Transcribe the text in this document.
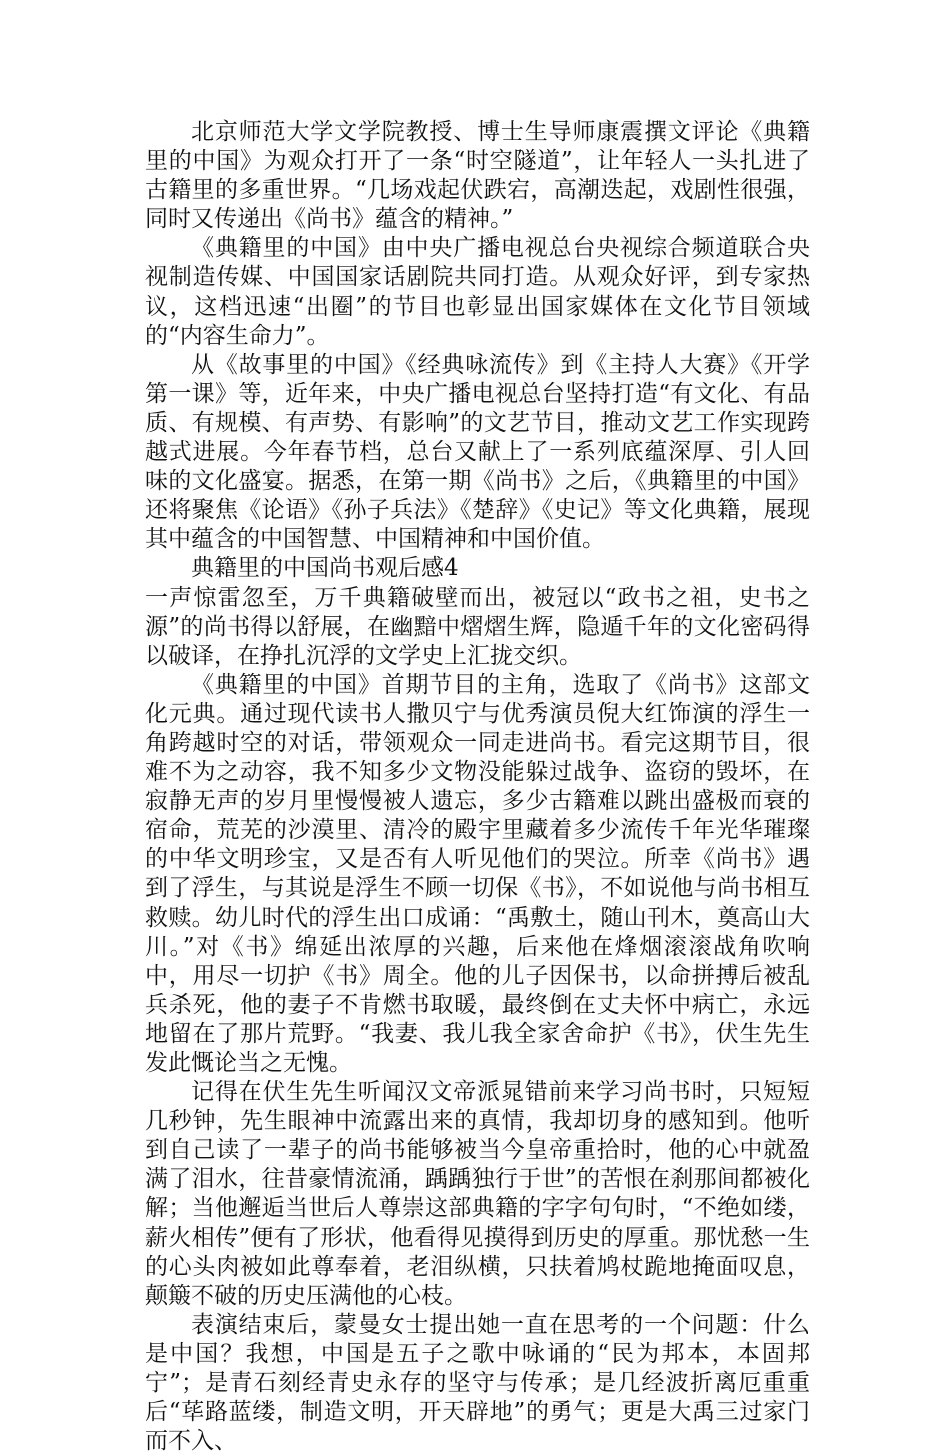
北京师范大学文学院教授、博士生导师康震撰文评论《典籍里的中国》为观众打开了一条“时空隧道”，让年轻人一头扎进了古籍里的多重世界。“几场戏起伏跌宕，高潮迭起，戏剧性很强，同时又传递出《尚书》蕴含的精神。”

《典籍里的中国》由中央广播电视总台央视综合频道联合央视制造传媒、中国国家话剧院共同打造。从观众好评，到专家热议，这档迅速“出圈”的节目也彰显出国家媒体在文化节目领域的“内容生命力”。

从《故事里的中国》《经典咏流传》到《主持人大赛》《开学第一课》等，近年来，中央广播电视总台坚持打造“有文化、有品质、有规模、有声势、有影响”的文艺节目，推动文艺工作实现跨越式进展。今年春节档，总台又献上了一系列底蕴深厚、引人回味的文化盛宴。据悉，在第一期《尚书》之后，《典籍里的中国》还将聚焦《论语》《孙子兵法》《楚辞》《史记》等文化典籍，展现其中蕴含的中国智慧、中国精神和中国价值。

典籍里的中国尚书观后感4

一声惊雷忽至，万千典籍破壁而出，被冠以“政书之祖，史书之源”的尚书得以舒展，在幽黯中熠熠生辉，隐遁千年的文化密码得以破译，在挣扎沉浮的文学史上汇拢交织。

《典籍里的中国》首期节目的主角，选取了《尚书》这部文化元典。通过现代读书人撒贝宁与优秀演员倪大红饰演的浮生一角跨越时空的对话，带领观众一同走进尚书。看完这期节目，很难不为之动容，我不知多少文物没能躲过战争、盗窃的毁坏，在寂静无声的岁月里慢慢被人遗忘，多少古籍难以跳出盛极而衰的宿命，荒芜的沙漠里、清冷的殿宇里藏着多少流传千年光华璀璨的中华文明珍宝，又是否有人听见他们的哭泣。所幸《尚书》遇到了浮生，与其说是浮生不顾一切保《书》，不如说他与尚书相互救赎。幼儿时代的浮生出口成诵：“禹敷土，随山刊木，奠高山大川。”对《书》绵延出浓厚的兴趣，后来他在烽烟滚滚战角吹响中，用尽一切护《书》周全。他的儿子因保书，以命拼搏后被乱兵杀死，他的妻子不肯燃书取暖，最终倒在丈夫怀中病亡，永远地留在了那片荒野。“我妻、我儿我全家舍命护《书》，伏生先生发此慨论当之无愧。

记得在伏生先生听闻汉文帝派晁错前来学习尚书时，只短短几秒钟，先生眼神中流露出来的真情，我却切身的感知到。他听到自己读了一辈子的尚书能够被当今皇帝重拾时，他的心中就盈满了泪水，往昔豪情流涌，踽踽独行于世”的苦恨在刹那间都被化解；当他邂逅当世后人尊崇这部典籍的字字句句时，“不绝如缕，薪火相传”便有了形状，他看得见摸得到历史的厚重。那忧愁一生的心头肉被如此尊奉着，老泪纵横，只扶着鸠杖跪地掩面叹息，颠簸不破的历史压满他的心枝。

表演结束后，蒙曼女士提出她一直在思考的一个问题：什么是中国？我想，中国是五子之歌中咏诵的“民为邦本，本固邦宁”；是青石刻经青史永存的坚守与传承；是几经波折离厄重重后“荜路蓝缕，制造文明，开天辟地”的勇气；更是大禹三过家门而不入、
